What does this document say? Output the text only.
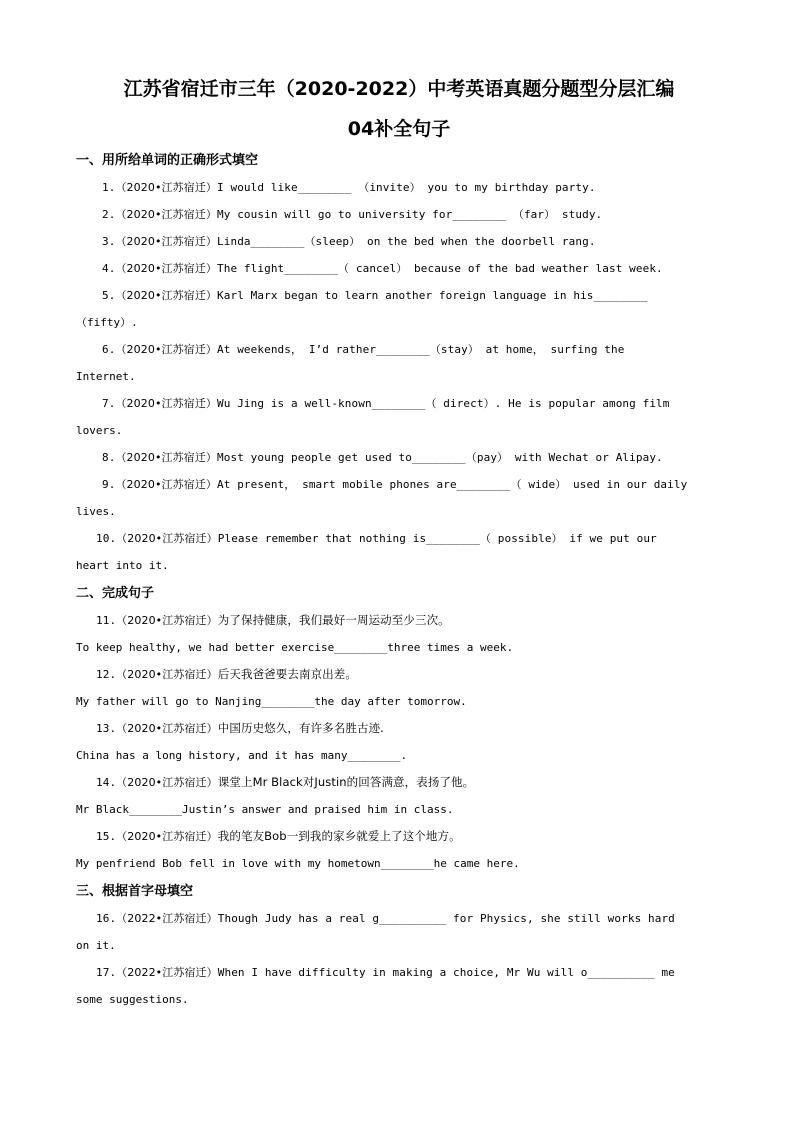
江苏省宿迁市三年（2020-2022）中考英语真题分题型分层汇编
04补全句子
一、用所给单词的正确形式填空
1.（2020•江苏宿迁）I would like________ （invite） you to my birthday party.
2.（2020•江苏宿迁）My cousin will go to university for________ （far） study.
3.（2020•江苏宿迁）Linda________（sleep） on the bed when the doorbell rang.
4.（2020•江苏宿迁）The flight________（ cancel） because of the bad weather last week.
5.（2020•江苏宿迁）Karl Marx began to learn another foreign language in his________
（fifty）.
6.（2020•江苏宿迁）At weekends， I’d rather________（stay） at home， surfing the
Internet.
7.（2020•江苏宿迁）Wu Jing is a well-known________（ direct）. He is popular among film
lovers.
8.（2020•江苏宿迁）Most young people get used to________（pay） with Wechat or Alipay.
9.（2020•江苏宿迁）At present， smart mobile phones are________（ wide） used in our daily
lives.
10.（2020•江苏宿迁）Please remember that nothing is________（ possible） if we put our
heart into it.
二、完成句子
11.（2020•江苏宿迁）为了保持健康，我们最好一周运动至少三次。
To keep healthy, we had better exercise________three times a week.
12.（2020•江苏宿迁）后天我爸爸要去南京出差。
My father will go to Nanjing________the day after tomorrow.
13.（2020•江苏宿迁）中国历史悠久，有许多名胜古迹.
China has a long history, and it has many________.
14.（2020•江苏宿迁）课堂上Mr Black对Justin的回答满意，表扬了他。
Mr Black________Justin’s answer and praised him in class.
15.（2020•江苏宿迁）我的笔友Bob一到我的家乡就爱上了这个地方。
My penfriend Bob fell in love with my hometown________he came here.
三、根据首字母填空
16.（2022•江苏宿迁）Though Judy has a real g__________ for Physics, she still works hard
on it.
17.（2022•江苏宿迁）When I have difficulty in making a choice, Mr Wu will o__________ me
some suggestions.
